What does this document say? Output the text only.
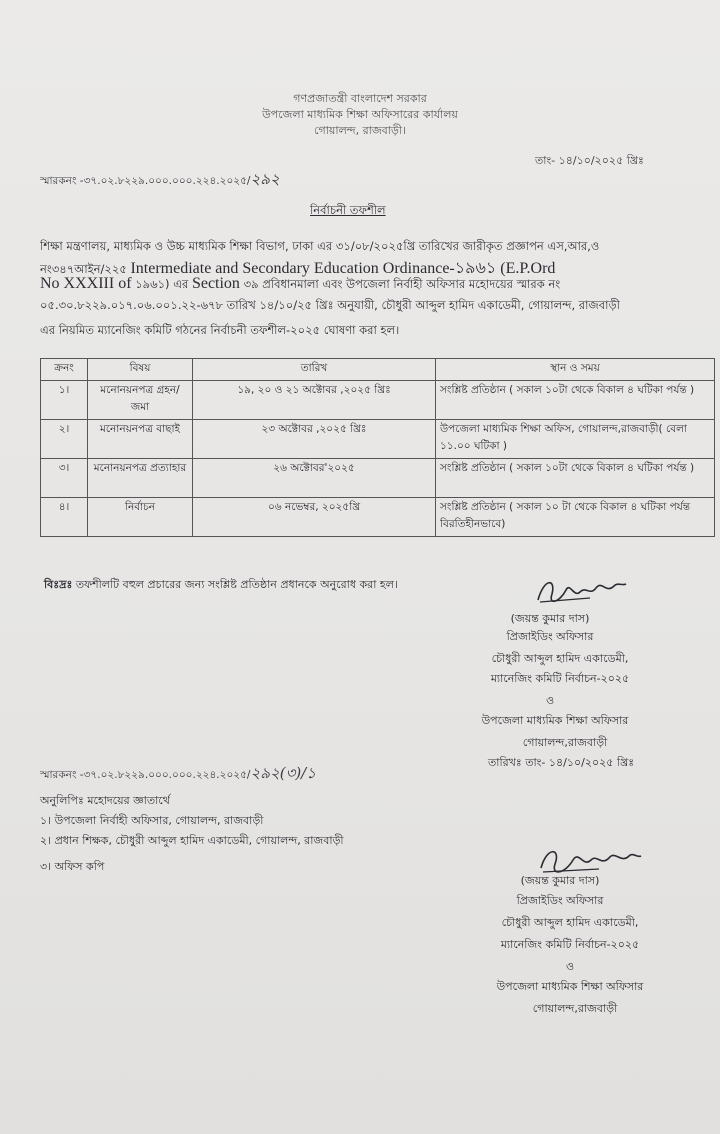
গণপ্রজাতন্ত্রী বাংলাদেশ সরকার
উপজেলা মাধ্যমিক শিক্ষা অফিসারের কার্যালয়
গোয়ালন্দ, রাজবাড়ী।
তাং- ১৪/১০/২০২৫ খ্রিঃ
স্মারকনং -৩৭.০২.৮২২৯.০০০.০০০.২২৪.২০২৫/২৯২
নির্বাচনী তফশীল
শিক্ষা মন্ত্রণালয়, মাধ্যমিক ও উচ্চ মাধ্যমিক শিক্ষা বিভাগ, ঢাকা এর ৩১/০৮/২০২৫খ্রি তারিখের জারীকৃত প্রজ্ঞাপন এস,আর,ও
নং৩৪৭আইন/২২৫ Intermediate and Secondary Education Ordinance-১৯৬১ (E.P.Ord
No XXXIII of ১৯৬১) এর Section ৩৯ প্রবিধানমালা এবং উপজেলা নির্বাহী অফিসার মহোদয়ের স্মারক নং
০৫.৩০.৮২২৯.০১৭.০৬.০০১.২২-৬৭৮ তারিখ ১৪/১০/২৫ খ্রিঃ অনুযায়ী, চৌধুরী আব্দুল হামিদ একাডেমী, গোয়ালন্দ, রাজবাড়ী
এর নিয়মিত ম্যানেজিং কমিটি গঠনের নির্বাচনী তফশীল-২০২৫ ঘোষণা করা হল।
ক্রনং	বিষয়	তারিখ	স্থান ও সময়
১।	মনোনয়নপত্র গ্রহন/ জমা	১৯, ২০ ও ২১ অক্টোবর ,২০২৫ খ্রিঃ	সংশ্লিষ্ট প্রতিষ্ঠান ( সকাল ১০টা থেকে বিকাল ৪ ঘটিকা পর্যন্ত )
২।	মনোনয়নপত্র বাছাই	২৩ অক্টোবর ,২০২৫ খ্রিঃ	উপজেলা মাধ্যমিক শিক্ষা অফিস, গোয়ালন্দ,রাজবাড়ী( বেলা ১১.০০ ঘটিকা )
৩।	মনোনয়নপত্র প্রত্যাহার	২৬ অক্টোবর'২০২৫	সংশ্লিষ্ট প্রতিষ্ঠান ( সকাল ১০টা থেকে বিকাল ৪ ঘটিকা পর্যন্ত )
৪।	নির্বাচন	০৬ নভেম্বর, ২০২৫খ্রি	সংশ্লিষ্ট প্রতিষ্ঠান ( সকাল ১০ টা থেকে বিকাল ৪ ঘটিকা পর্যন্ত বিরতিহীনভাবে)
বিঃদ্রঃ তফশীলটি বহুল প্রচারের জন্য সংশ্লিষ্ট প্রতিষ্ঠান প্রধানকে অনুরোধ করা হল।
(জয়ন্ত কুমার দাস)
প্রিজাইডিং অফিসার
চৌধুরী আব্দুল হামিদ একাডেমী,
ম্যানেজিং কমিটি নির্বাচন-২০২৫
ও
উপজেলা মাধ্যমিক শিক্ষা অফিসার
গোয়ালন্দ,রাজবাড়ী
তারিখঃ তাং- ১৪/১০/২০২৫ খ্রিঃ
স্মারকনং -৩৭.০২.৮২২৯.০০০.০০০.২২৪.২০২৫/২৯২(৩)/১
অনুলিপিঃ মহোদয়ের জ্ঞাতার্থে
১। উপজেলা নির্বাহী অফিসার, গোয়ালন্দ, রাজবাড়ী
২। প্রধান শিক্ষক, চৌধুরী আব্দুল হামিদ একাডেমী, গোয়ালন্দ, রাজবাড়ী
৩। অফিস কপি
(জয়ন্ত কুমার দাস)
প্রিজাইডিং অফিসার
চৌধুরী আব্দুল হামিদ একাডেমী,
ম্যানেজিং কমিটি নির্বাচন-২০২৫
ও
উপজেলা মাধ্যমিক শিক্ষা অফিসার
গোয়ালন্দ,রাজবাড়ী
